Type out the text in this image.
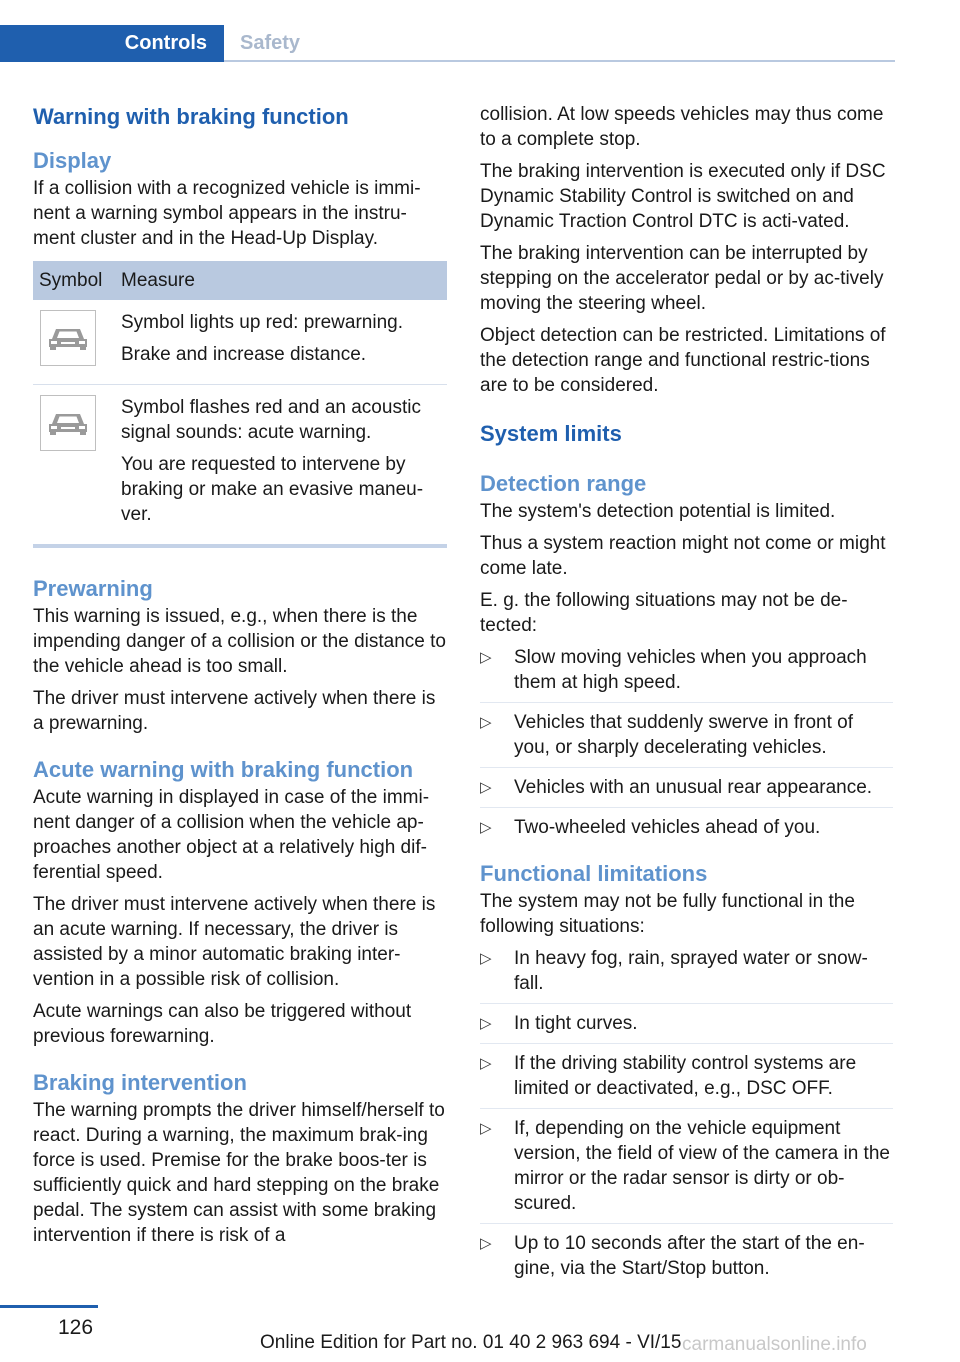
Controls	Safety
Warning with braking function
Display

If a collision with a recognized vehicle is immi-nent a warning symbol appears in the instru-ment cluster and in the Head-Up Display.

Symbol Measure

Symbol lights up red: prewarning.

Brake and increase distance.

Symbol flashes red and an acoustic signal sounds: acute warning.

You are requested to intervene by braking or make an evasive maneu-ver.

Prewarning

This warning is issued, e.g., when there is the impending danger of a collision or the distance to the vehicle ahead is too small.

The driver must intervene actively when there is a prewarning.

Acute warning with braking function

Acute warning in displayed in case of the immi-nent danger of a collision when the vehicle ap-proaches another object at a relatively high dif-ferential speed.

The driver must intervene actively when there is an acute warning. If necessary, the driver is assisted by a minor automatic braking inter-vention in a possible risk of collision.

Acute warnings can also be triggered without previous forewarning.

Braking intervention

The warning prompts the driver himself/herself to react. During a warning, the maximum brak-ing force is used. Premise for the brake boos-ter is sufficiently quick and hard stepping on the brake pedal. The system can assist with some braking intervention if there is risk of a

collision. At low speeds vehicles may thus come to a complete stop.

The braking intervention is executed only if DSC Dynamic Stability Control is switched on and Dynamic Traction Control DTC is acti-vated.

The braking intervention can be interrupted by stepping on the accelerator pedal or by ac-tively moving the steering wheel.

Object detection can be restricted. Limitations of the detection range and functional restric-tions are to be considered.

System limits
Detection range

The system's detection potential is limited.

Thus a system reaction might not come or might come late.

E. g. the following situations may not be de-tected:

▷ Slow moving vehicles when you approach them at high speed.
▷ Vehicles that suddenly swerve in front of you, or sharply decelerating vehicles.
▷ Vehicles with an unusual rear appearance.
▷ Two-wheeled vehicles ahead of you.
Functional limitations

The system may not be fully functional in the following situations:

▷ In heavy fog, rain, sprayed water or snow-fall.
▷ In tight curves.
▷ If the driving stability control systems are limited or deactivated, e.g., DSC OFF.
▷ If, depending on the vehicle equipment version, the field of view of the camera in the mirror or the radar sensor is dirty or ob-scured.
▷ Up to 10 seconds after the start of the en-gine, via the Start/Stop button.
126
Online Edition for Part no. 01 40 2 963 694 - VI/15 carmanualsonline.info
